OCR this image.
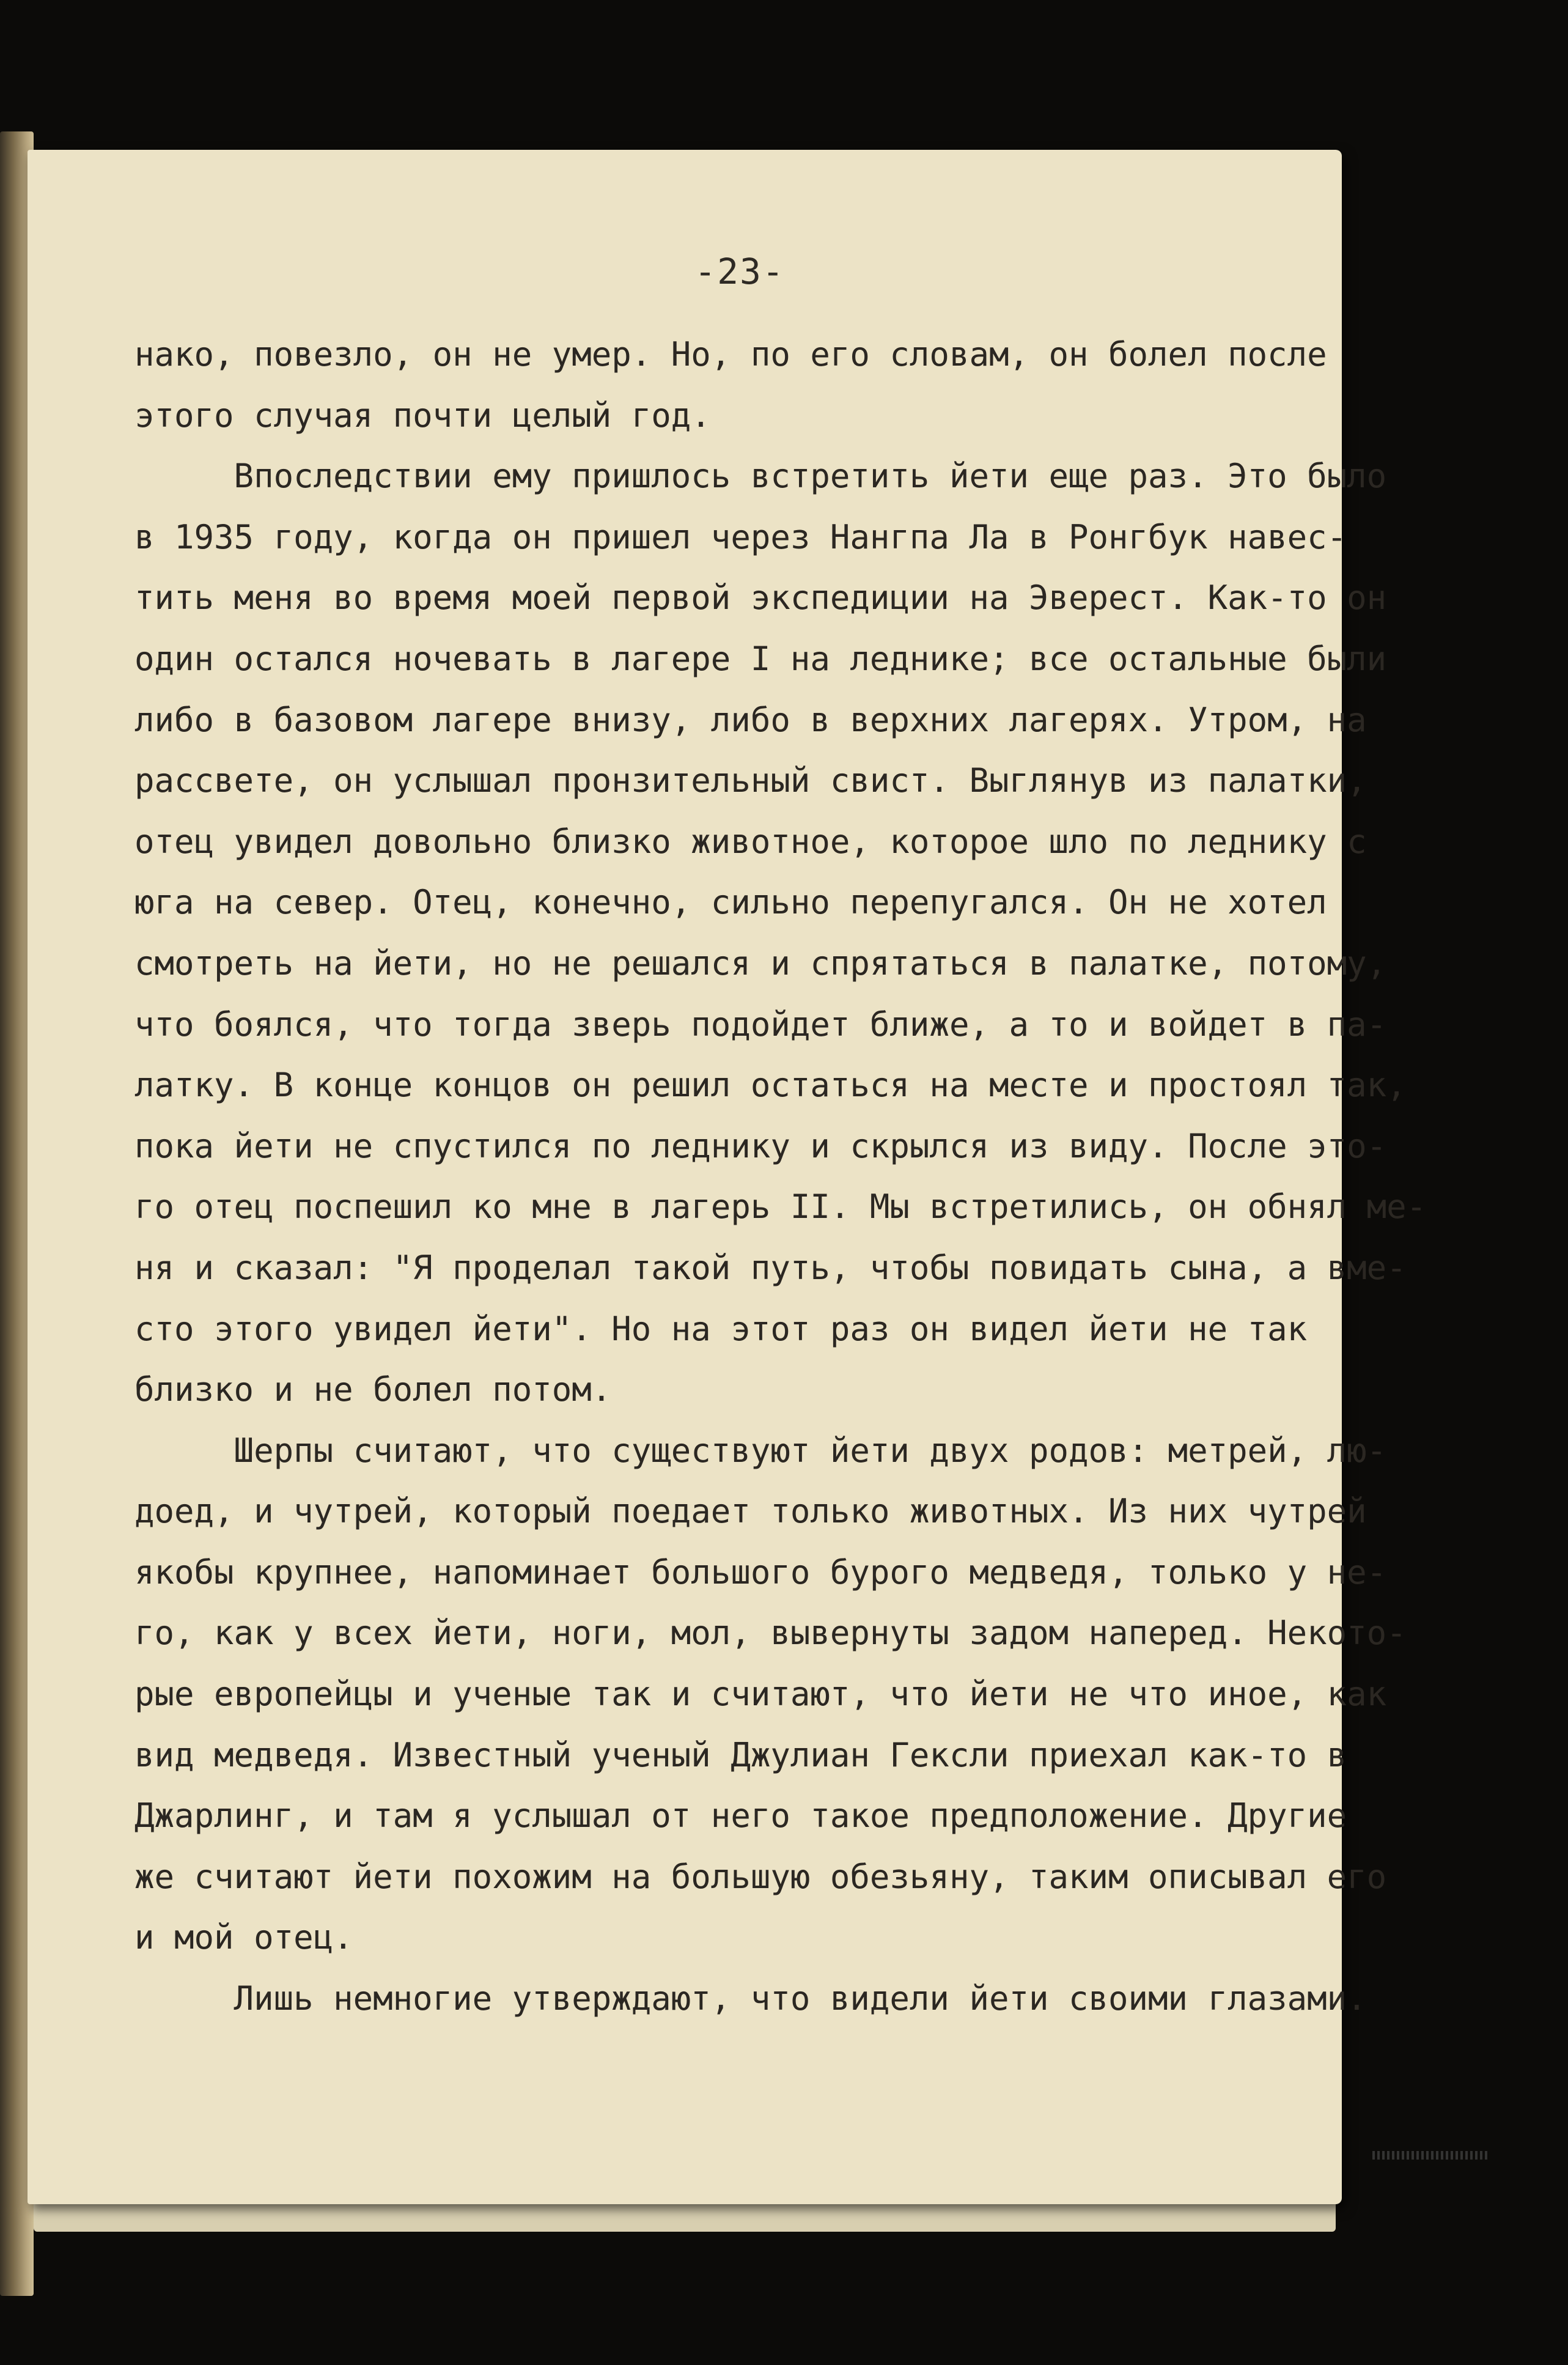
-23-
нако, повезло, он не умер. Но, по его словам, он болел после
этого случая почти целый год.
Впоследствии ему пришлось встретить йети еще раз. Это было
в 1935 году, когда он пришел через Нангпа Ла в Ронгбук навес-
тить меня во время моей первой экспедиции на Эверест. Как-то он
один остался ночевать в лагере I на леднике; все остальные были
либо в базовом лагере внизу, либо в верхних лагерях. Утром, на
рассвете, он услышал пронзительный свист. Выглянув из палатки,
отец увидел довольно близко животное, которое шло по леднику с
юга на север. Отец, конечно, сильно перепугался. Он не хотел
смотреть на йети, но не решался и спрятаться в палатке, потому,
что боялся, что тогда зверь подойдет ближе, а то и войдет в па-
латку. В конце концов он решил остаться на месте и простоял так,
пока йети не спустился по леднику и скрылся из виду. После это-
го отец поспешил ко мне в лагерь II. Мы встретились, он обнял ме-
ня и сказал: "Я проделал такой путь, чтобы повидать сына, а вме-
сто этого увидел йети". Но на этот раз он видел йети не так
близко и не болел потом.
Шерпы считают, что существуют йети двух родов: метрей, лю-
доед, и чутрей, который поедает только животных. Из них чутрей
якобы крупнее, напоминает большого бурого медведя, только у не-
го, как у всех йети, ноги, мол, вывернуты задом наперед. Некото-
рые европейцы и ученые так и считают, что йети не что иное, как
вид медведя. Известный ученый Джулиан Гексли приехал как-то в
Джарлинг, и там я услышал от него такое предположение. Другие
же считают йети похожим на большую обезьяну, таким описывал его
и мой отец.
Лишь немногие утверждают, что видели йети своими глазами.
